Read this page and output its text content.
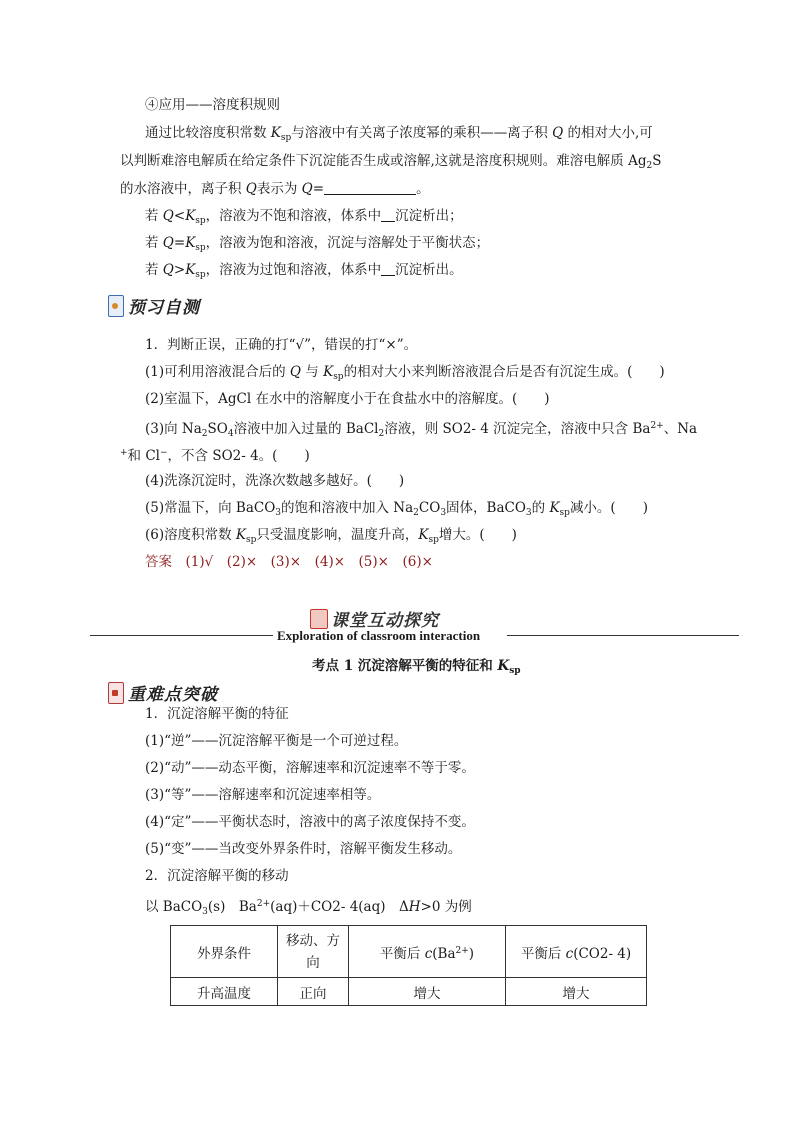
④应用——溶度积规则
通过比较溶度积常数 $K_{sp}$与溶液中有关离子浓度幂的乘积——离子积 Q 的相对大小,可
以判断难溶电解质在给定条件下沉淀能否生成或溶解,这就是溶度积规则。难溶电解质 $Ag_2S$
的水溶液中，离子积 Q表示为 Q=	。
若 $Q<K_{sp}$，溶液为不饱和溶液，体系中 沉淀析出；
若 $Q=K_{sp}$，溶液为饱和溶液，沉淀与溶解处于平衡状态；
若 $Q>K_{sp}$，溶液为过饱和溶液，体系中 沉淀析出。
预习自测
1．判断正误，正确的打“√”，错误的打“×”。
(1)可利用溶液混合后的 Q 与 $K_{sp}$的相对大小来判断溶液混合后是否有沉淀生成。(　　)
(2)室温下，AgCl 在水中的溶解度小于在食盐水中的溶解度。(　　)
(3)向 $Na_2SO_4$溶液中加入过量的 BaCl$_2$溶液，则 SO2- 4 沉淀完全，溶液中只含 $Ba^{2+}$、Na
+和 Cl−，不含 SO2- 4。(　　)
(4)洗涤沉淀时，洗涤次数越多越好。(　　)
(5)常温下，向 BaCO$_3$的饱和溶液中加入 $Na_2CO_3$固体，BaCO$_3$的 $K_{sp}$减小。(　　)
(6)溶度积常数 $K_{sp}$只受温度影响，温度升高，$K_{sp}$增大。(　　)
答案　(1)√　(2)×　(3)×　(4)×　(5)×　(6)×
课堂互动探究
Exploration of classroom interaction
考点 1 沉淀溶解平衡的特征和 $K_{sp}$
重难点突破
1．沉淀溶解平衡的特征
(1)“逆”——沉淀溶解平衡是一个可逆过程。
(2)“动”——动态平衡，溶解速率和沉淀速率不等于零。
(3)“等”——溶解速率和沉淀速率相等。
(4)“定”——平衡状态时，溶液中的离子浓度保持不变。
(5)“变”——当改变外界条件时，溶解平衡发生移动。
2．沉淀溶解平衡的移动
以 BaCO$_3$(s)　$Ba^{2+}(aq)+CO2-$ 4(aq)　ΔH>0 为例
外界条件	移动、方
向	平衡后 $c(Ba^{2+})$	平衡后 c(CO2- 4)
升高温度	正向	增大	增大
